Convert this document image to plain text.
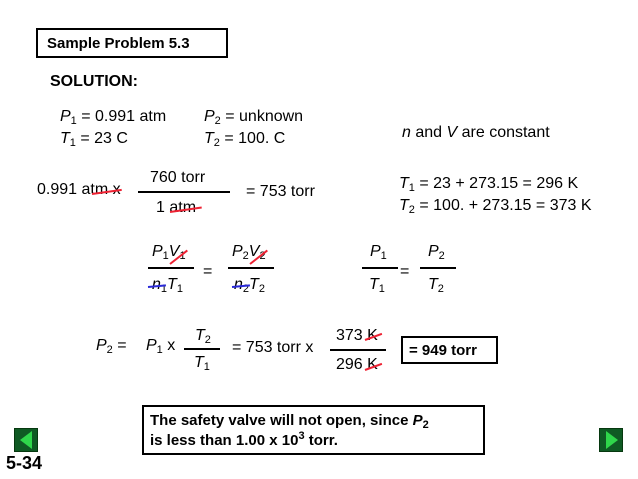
Sample Problem 5.3
SOLUTION:
$P_1 = 0.991$ atm
$T_1 = 23$ C
$P_2$ = unknown
$T_2 = 100$. C	n and V are constant
0.991 atm x
760 torr
1 atm
= 753 torr	$T_1 = 23 + 273.15 = 296$ K
$T_2 = 100$. + 273.15 = 373 K
$P_1V_1$
$n_1T_1$
=
$P_2V_2$
$n_2T_2$
$P_1$
$T_1$
=
$P_2$
$T_2$
$P_2 = P_1$ x
$T_2$
$T_1$
= 753 torr x
373 K
296 K
= 949 torr
The safety valve will not open, since $P_2$
is less than 1.00 x $10^3$ torr.
5-34
